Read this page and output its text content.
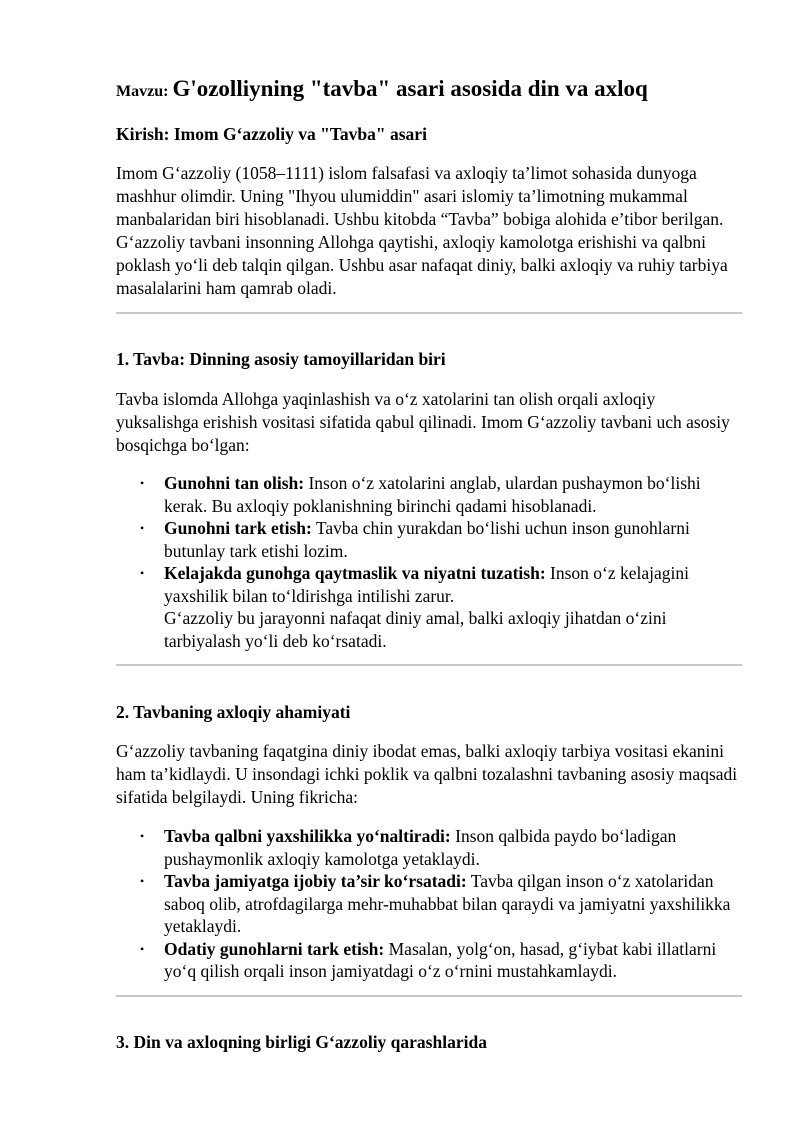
Mavzu: G'ozolliyning "tavba" asari asosida din va axloq
Kirish: Imom G‘azzoliy va "Tavba" asari

Imom G‘azzoliy (1058–1111) islom falsafasi va axloqiy ta’limot sohasida dunyoga mashhur olimdir. Uning "Ihyou ulumiddin" asari islomiy ta’limotning mukammal manbalaridan biri hisoblanadi. Ushbu kitobda “Tavba” bobiga alohida e’tibor berilgan. G‘azzoliy tavbani insonning Allohga qaytishi, axloqiy kamolotga erishishi va qalbni poklash yo‘li deb talqin qilgan. Ushbu asar nafaqat diniy, balki axloqiy va ruhiy tarbiya masalalarini ham qamrab oladi.

1. Tavba: Dinning asosiy tamoyillaridan biri

Tavba islomda Allohga yaqinlashish va o‘z xatolarini tan olish orqali axloqiy yuksalishga erishish vositasi sifatida qabul qilinadi. Imom G‘azzoliy tavbani uch asosiy bosqichga bo‘lgan:

• Gunohni tan olish: Inson o‘z xatolarini anglab, ulardan pushaymon bo‘lishi kerak. Bu axloqiy poklanishning birinchi qadami hisoblanadi.
• Gunohni tark etish: Tavba chin yurakdan bo‘lishi uchun inson gunohlarni butunlay tark etishi lozim.
• Kelajakda gunohga qaytmaslik va niyatni tuzatish: Inson o‘z kelajagini yaxshilik bilan to‘ldirishga intilishi zarur.
G‘azzoliy bu jarayonni nafaqat diniy amal, balki axloqiy jihatdan o‘zini tarbiyalash yo‘li deb ko‘rsatadi.
2. Tavbaning axloqiy ahamiyati

G‘azzoliy tavbaning faqatgina diniy ibodat emas, balki axloqiy tarbiya vositasi ekanini ham ta’kidlaydi. U insondagi ichki poklik va qalbni tozalashni tavbaning asosiy maqsadi sifatida belgilaydi. Uning fikricha:

• Tavba qalbni yaxshilikka yo‘naltiradi: Inson qalbida paydo bo‘ladigan pushaymonlik axloqiy kamolotga yetaklaydi.
• Tavba jamiyatga ijobiy ta’sir ko‘rsatadi: Tavba qilgan inson o‘z xatolaridan saboq olib, atrofdagilarga mehr-muhabbat bilan qaraydi va jamiyatni yaxshilikka yetaklaydi.
• Odatiy gunohlarni tark etish: Masalan, yolg‘on, hasad, g‘iybat kabi illatlarni yo‘q qilish orqali inson jamiyatdagi o‘z o‘rnini mustahkamlaydi.
3. Din va axloqning birligi G‘azzoliy qarashlarida
